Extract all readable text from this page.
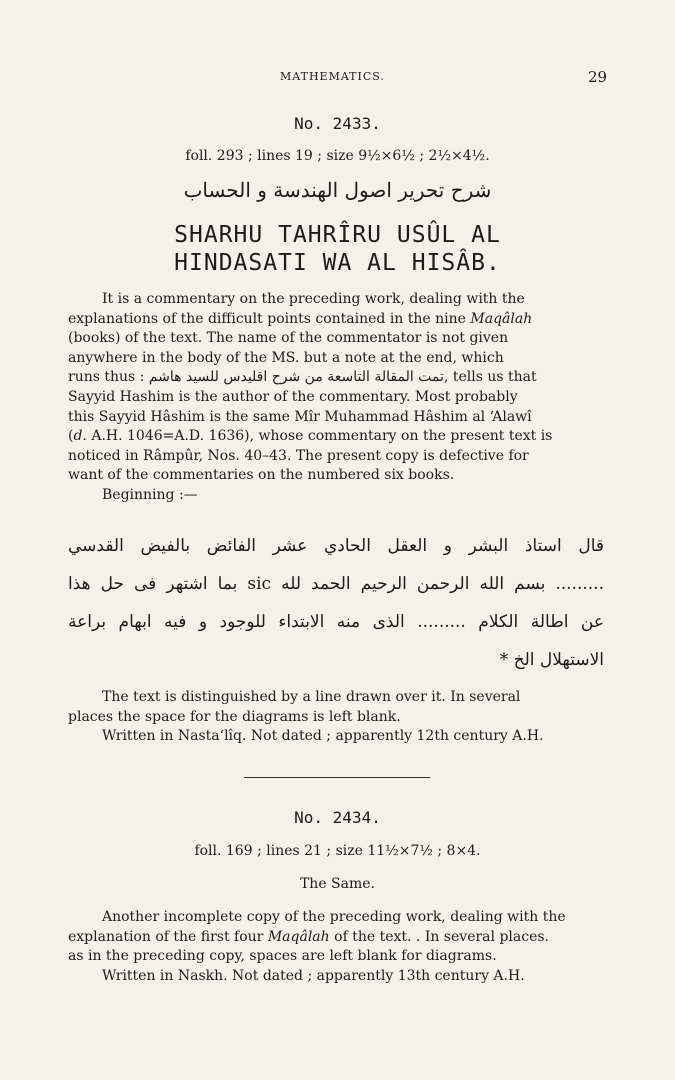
MATHEMATICS.	29
No. 2433.
foll. 293 ; lines 19 ; size 9½×6½ ; 2½×4½.
شرح تحرير اصول الهندسة و الحساب
SHARHU TAHRÎRU USÛL AL
HINDASATI WA AL HISÂB.
It is a commentary on the preceding work, dealing with the
explanations of the difficult points contained in the nine Maqâlah
(books) of the text. The name of the commentator is not given
anywhere in the body of the MS. but a note at the end, which
runs thus : تمت المقالة التاسعة من شرح اقليدس للسيد هاشم, tells us that
Sayyid Hashim is the author of the commentary. Most probably
this Sayyid Hâshim is the same Mîr Muhammad Hâshim al ‘Alawî
(d. A.H. 1046=A.D. 1636), whose commentary on the present text is
noticed in Râmpûr, Nos. 40–43. The present copy is defective for
want of the commentaries on the numbered six books.
Beginning :—
قال استاذ البشر و العقل الحادي عشر الفائض بالفيض القدسي
......... بسم الله الرحمن الرحيم الحمد لله sic بما اشتهر فى حل هذا
عن اطالة الكلام ......... الذى منه الابتداء للوجود و فيه ابهام براعة
الاستهلال الخ *
The text is distinguished by a line drawn over it. In several
places the space for the diagrams is left blank.
Written in Nasta‘lîq. Not dated ; apparently 12th century A.H.
No. 2434.
foll. 169 ; lines 21 ; size 11½×7½ ; 8×4.
The Same.
Another incomplete copy of the preceding work, dealing with the
explanation of the first four Maqâlah of the text. . In several places.
as in the preceding copy, spaces are left blank for diagrams.
Written in Naskh. Not dated ; apparently 13th century A.H.
